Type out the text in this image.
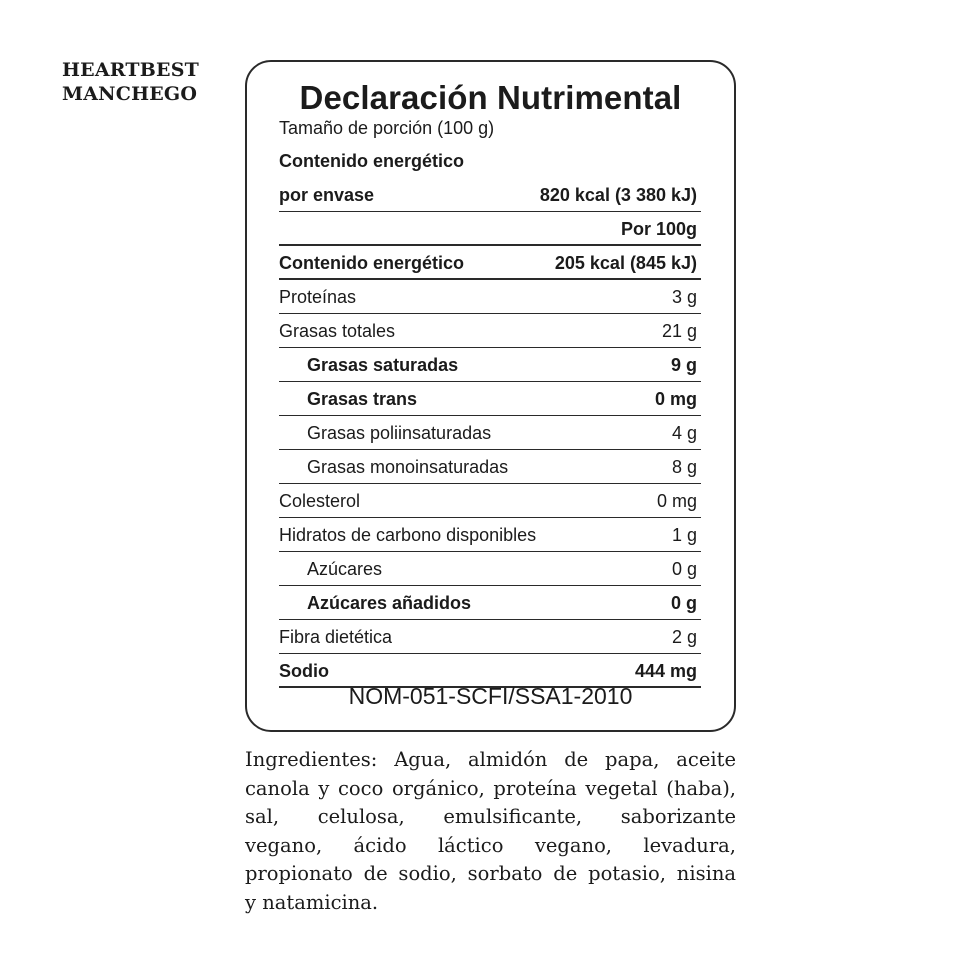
HEARTBEST
MANCHEGO	Declaración Nutrimental
Tamaño de porción (100 g)
Contenido energético
por envase	820 kcal (3 380 kJ)
Por 100g
Contenido energético	205 kcal (845 kJ)
Proteínas	3 g
Grasas totales	21 g
Grasas saturadas	9 g
Grasas trans	0 mg
Grasas poliinsaturadas	4 g
Grasas monoinsaturadas	8 g
Colesterol	0 mg
Hidratos de carbono disponibles	1 g
Azúcares	0 g
Azúcares añadidos	0 g
Fibra dietética	2 g
Sodio	444 mg
NOM-051-SCFI/SSA1-2010
Ingredientes: Agua, almidón de papa, aceite
canola y coco orgánico, proteína vegetal (haba),
sal, celulosa, emulsificante, saborizante
vegano, ácido láctico vegano, levadura,
propionato de sodio, sorbato de potasio, nisina
y natamicina.
